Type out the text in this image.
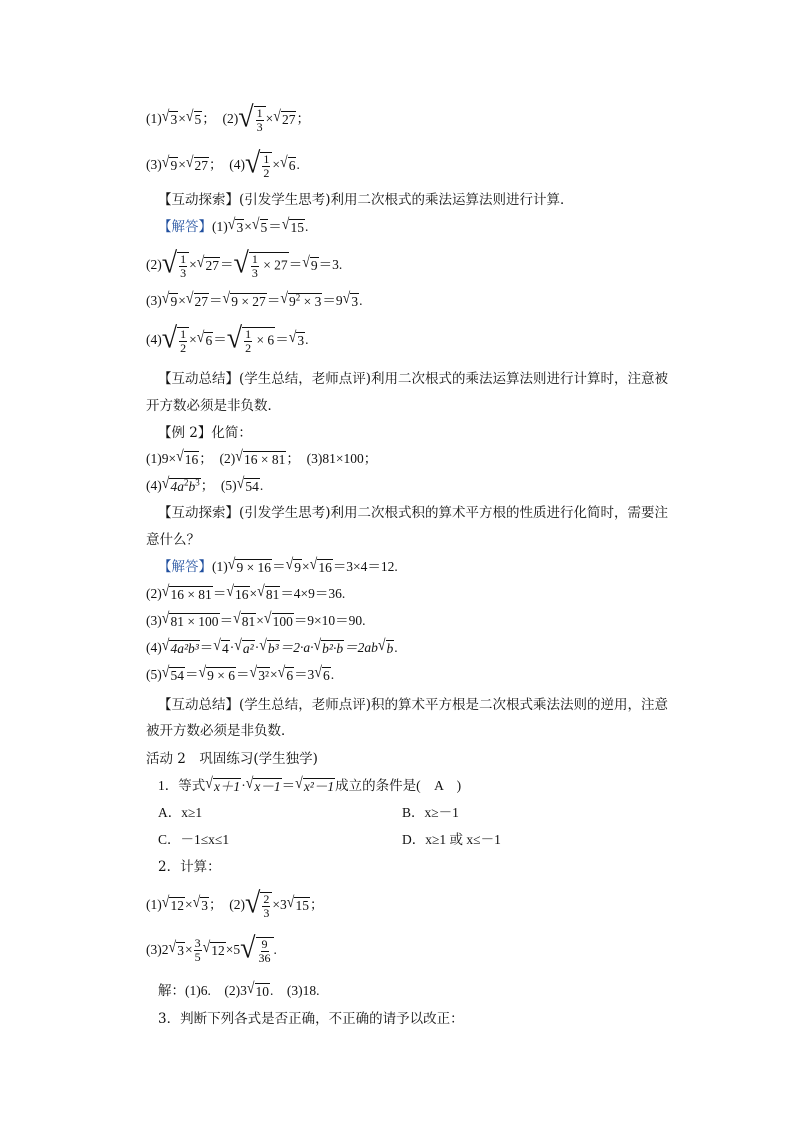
(1) √ 3 × √ 5 ；　(2) √ $\frac{1}{3}$ × √ 27 ；
(3) √ 9 × √ 27 ；　(4) √ $\frac{1}{2}$ × √ 6 .
【互动探索】(引发学生思考)利用二次根式的乘法运算法则进行计算．
【解答】(1) √ 3 × √ 5 ＝ √ 15 .
(2) √ $\frac{1}{3}$ × √ 27 ＝ √ $\frac{1}{3} \times 27$ ＝ √ 9 ＝3.
(3) √ 9 × √ 27 ＝ √ 9 × 27 ＝ √ $9^2 \times 3 =9$ √ 3 .
(4) √ $\frac{1}{2}$ × √ 6 ＝ √ $\frac{1}{2} \times 6$ ＝ √ 3 .
【互动总结】(学生总结，老师点评)利用二次根式的乘法运算法则进行计算时，注意被
开方数必须是非负数．
【例 2】化简：
(1)9× √ 16 ；　(2) √ 16 × 81 ；　(3)81×100；
(4) √ $4a^2b^3$ ；　(5) √ 54 .
【互动探索】(引发学生思考)利用二次根式积的算术平方根的性质进行化简时，需要注
意什么？
【解答】(1) √ 9 × 16 ＝ √ 9 × √ 16 ＝3×4＝12.
(2) √ 16 × 81 ＝ √ 16 × √ 81 ＝4×9＝36.
(3) √ 81 × 100 ＝ √ 81 × √ 100 ＝9×10＝90.
(4) √ 4a²b³ ＝ √ 4 · √ a² · √ b³ ＝2·a· √ b²·b ＝2ab √ b .
(5) √ 54 ＝ √ 9 × 6 ＝ √ 3² × √ 6 ＝3 √ 6 .
【互动总结】(学生总结，老师点评)积的算术平方根是二次根式乘法法则的逆用，注意
被开方数必须是非负数．
活动 2　巩固练习(学生独学)
1．等式 √ x＋1 · √ x－1 ＝ √ x²－1 成立的条件是(　A　)
A．x≥1	B．x≥－1
C．－1≤x≤1	D．x≥1 或 x≤－1
2．计算：
(1) √ 12 × √ 3 ；　(2) √ $\frac{2}{3} \times 3$ √ 15 ；
(3)2 √ $3 \times \frac{3}{5}$ √ 12 ×5 √ $\frac{9}{36}$ .
解：(1)6.　(2)3 √ 10 .　(3)18.
3．判断下列各式是否正确，不正确的请予以改正：
